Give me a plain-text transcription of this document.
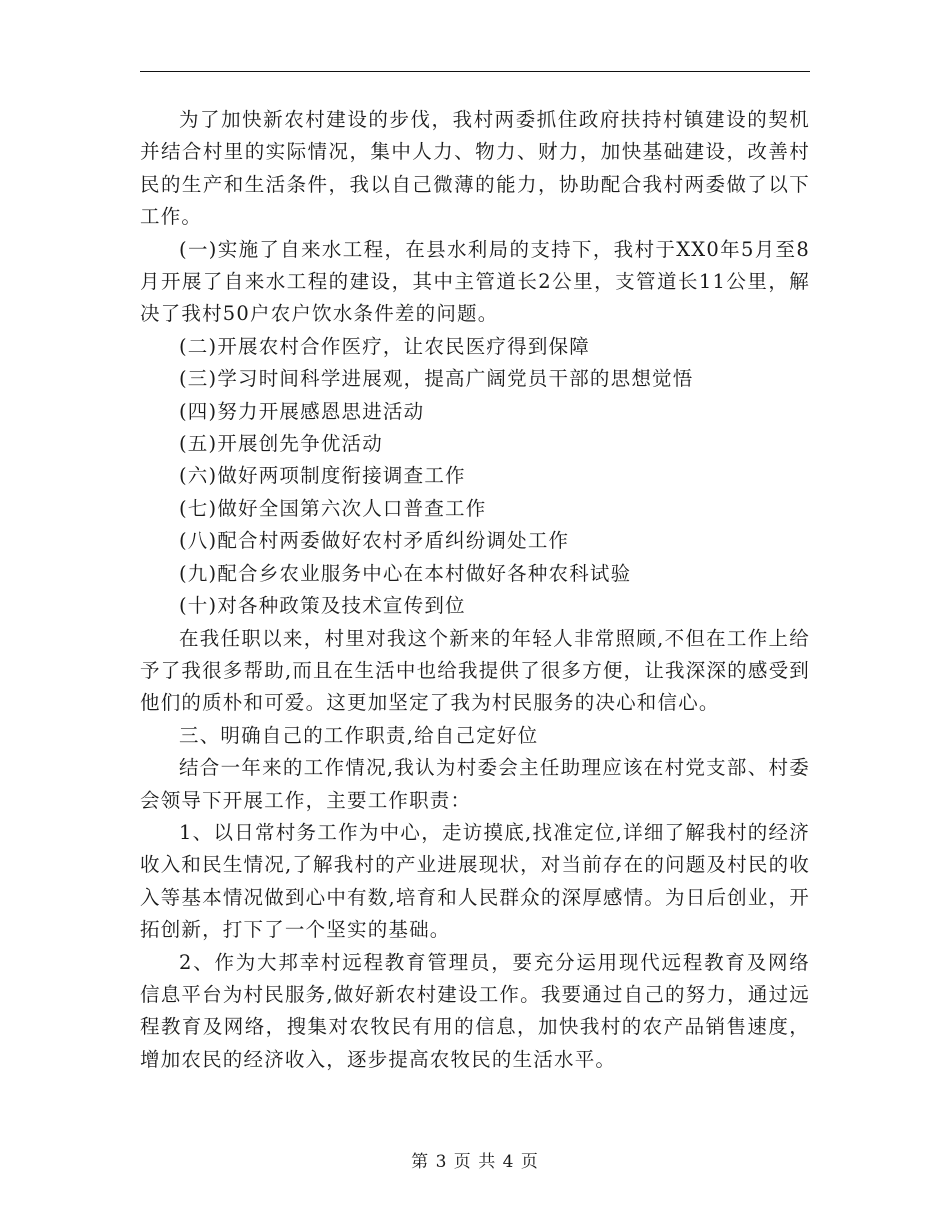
为了加快新农村建设的步伐，我村两委抓住政府扶持村镇建设的契机并结合村里的实际情况，集中人力、物力、财力，加快基础建设，改善村民的生产和生活条件，我以自己微薄的能力，协助配合我村两委做了以下工作。

(一)实施了自来水工程，在县水利局的支持下，我村于XX0年5月至8月开展了自来水工程的建设，其中主管道长2公里，支管道长11公里，解决了我村50户农户饮水条件差的问题。

(二)开展农村合作医疗，让农民医疗得到保障

(三)学习时间科学进展观，提高广阔党员干部的思想觉悟

(四)努力开展感恩思进活动

(五)开展创先争优活动

(六)做好两项制度衔接调查工作

(七)做好全国第六次人口普查工作

(八)配合村两委做好农村矛盾纠纷调处工作

(九)配合乡农业服务中心在本村做好各种农科试验

(十)对各种政策及技术宣传到位

在我任职以来，村里对我这个新来的年轻人非常照顾,不但在工作上给予了我很多帮助,而且在生活中也给我提供了很多方便，让我深深的感受到他们的质朴和可爱。这更加坚定了我为村民服务的决心和信心。

三、明确自己的工作职责,给自己定好位

结合一年来的工作情况,我认为村委会主任助理应该在村党支部、村委会领导下开展工作，主要工作职责：

1、以日常村务工作为中心，走访摸底,找准定位,详细了解我村的经济收入和民生情况,了解我村的产业进展现状，对当前存在的问题及村民的收入等基本情况做到心中有数,培育和人民群众的深厚感情。为日后创业，开拓创新，打下了一个坚实的基础。

2、作为大邦幸村远程教育管理员，要充分运用现代远程教育及网络信息平台为村民服务,做好新农村建设工作。我要通过自己的努力，通过远程教育及网络，搜集对农牧民有用的信息，加快我村的农产品销售速度，增加农民的经济收入，逐步提高农牧民的生活水平。

第 3 页 共 4 页
